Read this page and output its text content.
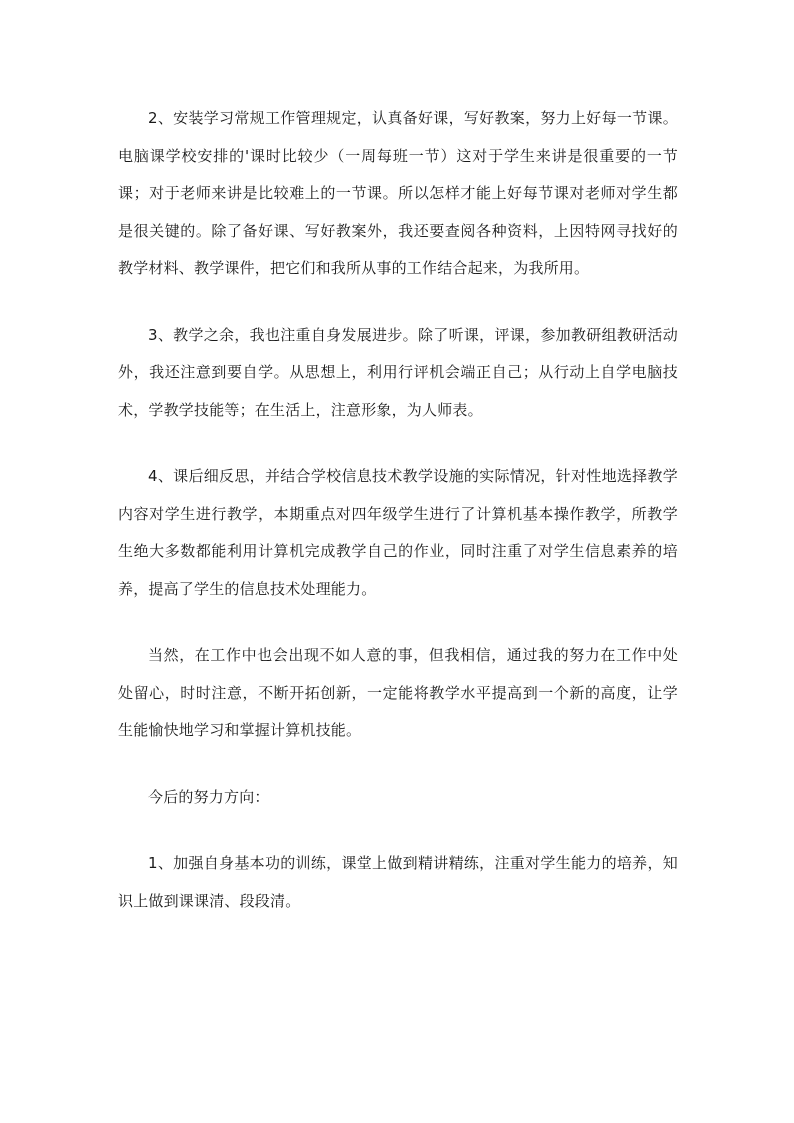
2、安装学习常规工作管理规定，认真备好课，写好教案，努力上好每一节课。电脑课学校安排的'课时比较少（一周每班一节）这对于学生来讲是很重要的一节课；对于老师来讲是比较难上的一节课。所以怎样才能上好每节课对老师对学生都是很关键的。除了备好课、写好教案外，我还要查阅各种资料，上因特网寻找好的教学材料、教学课件，把它们和我所从事的工作结合起来，为我所用。

3、教学之余，我也注重自身发展进步。除了听课，评课，参加教研组教研活动外，我还注意到要自学。从思想上，利用行评机会端正自己；从行动上自学电脑技术，学教学技能等；在生活上，注意形象，为人师表。

4、课后细反思，并结合学校信息技术教学设施的实际情况，针对性地选择教学内容对学生进行教学，本期重点对四年级学生进行了计算机基本操作教学，所教学生绝大多数都能利用计算机完成教学自己的作业，同时注重了对学生信息素养的培养，提高了学生的信息技术处理能力。

当然，在工作中也会出现不如人意的事，但我相信，通过我的努力在工作中处处留心，时时注意，不断开拓创新，一定能将教学水平提高到一个新的高度，让学生能愉快地学习和掌握计算机技能。

今后的努力方向：

1、加强自身基本功的训练，课堂上做到精讲精练，注重对学生能力的培养，知识上做到课课清、段段清。
